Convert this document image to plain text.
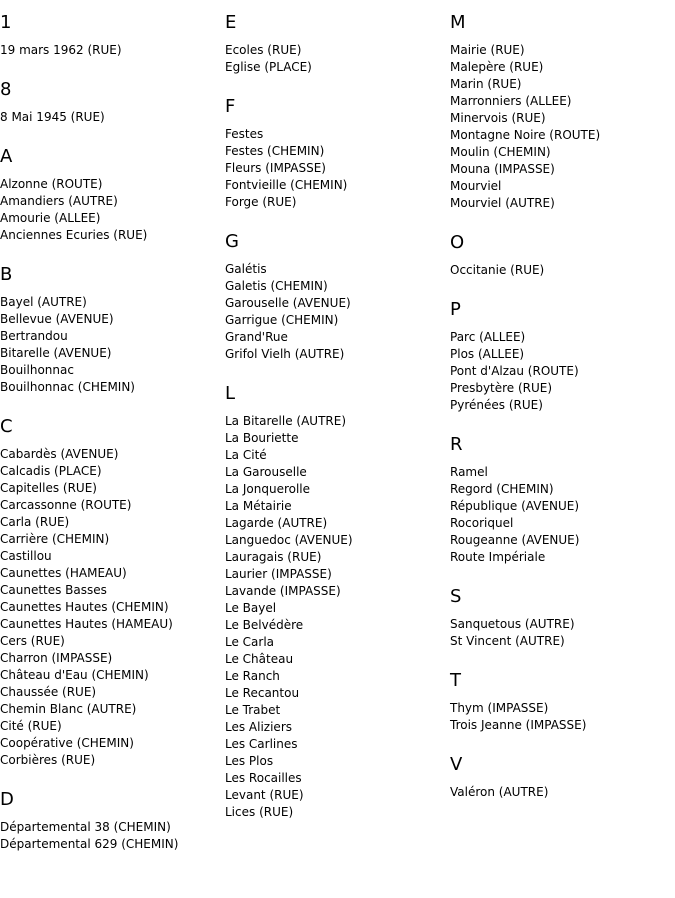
1
19 mars 1962 (RUE)
8
8 Mai 1945 (RUE)
A
Alzonne (ROUTE)
Amandiers (AUTRE)
Amourie (ALLEE)
Anciennes Ecuries (RUE)
B
Bayel (AUTRE)
Bellevue (AVENUE)
Bertrandou
Bitarelle (AVENUE)
Bouilhonnac
Bouilhonnac (CHEMIN)
C
Cabardès (AVENUE)
Calcadis (PLACE)
Capitelles (RUE)
Carcassonne (ROUTE)
Carla (RUE)
Carrière (CHEMIN)
Castillou
Caunettes (HAMEAU)
Caunettes Basses
Caunettes Hautes (CHEMIN)
Caunettes Hautes (HAMEAU)
Cers (RUE)
Charron (IMPASSE)
Château d'Eau (CHEMIN)
Chaussée (RUE)
Chemin Blanc (AUTRE)
Cité (RUE)
Coopérative (CHEMIN)
Corbières (RUE)
D
Départemental 38 (CHEMIN)
Départemental 629 (CHEMIN)
E
Ecoles (RUE)
Eglise (PLACE)
F
Festes
Festes (CHEMIN)
Fleurs (IMPASSE)
Fontvieille (CHEMIN)
Forge (RUE)
G
Galétis
Galetis (CHEMIN)
Garouselle (AVENUE)
Garrigue (CHEMIN)
Grand'Rue
Grifol Vielh (AUTRE)
L
La Bitarelle (AUTRE)
La Bouriette
La Cité
La Garouselle
La Jonquerolle
La Métairie
Lagarde (AUTRE)
Languedoc (AVENUE)
Lauragais (RUE)
Laurier (IMPASSE)
Lavande (IMPASSE)
Le Bayel
Le Belvédère
Le Carla
Le Château
Le Ranch
Le Recantou
Le Trabet
Les Aliziers
Les Carlines
Les Plos
Les Rocailles
Levant (RUE)
Lices (RUE)
M
Mairie (RUE)
Malepère (RUE)
Marin (RUE)
Marronniers (ALLEE)
Minervois (RUE)
Montagne Noire (ROUTE)
Moulin (CHEMIN)
Mouna (IMPASSE)
Mourviel
Mourviel (AUTRE)
O
Occitanie (RUE)
P
Parc (ALLEE)
Plos (ALLEE)
Pont d'Alzau (ROUTE)
Presbytère (RUE)
Pyrénées (RUE)
R
Ramel
Regord (CHEMIN)
République (AVENUE)
Rocoriquel
Rougeanne (AVENUE)
Route Impériale
S
Sanquetous (AUTRE)
St Vincent (AUTRE)
T
Thym (IMPASSE)
Trois Jeanne (IMPASSE)
V
Valéron (AUTRE)
